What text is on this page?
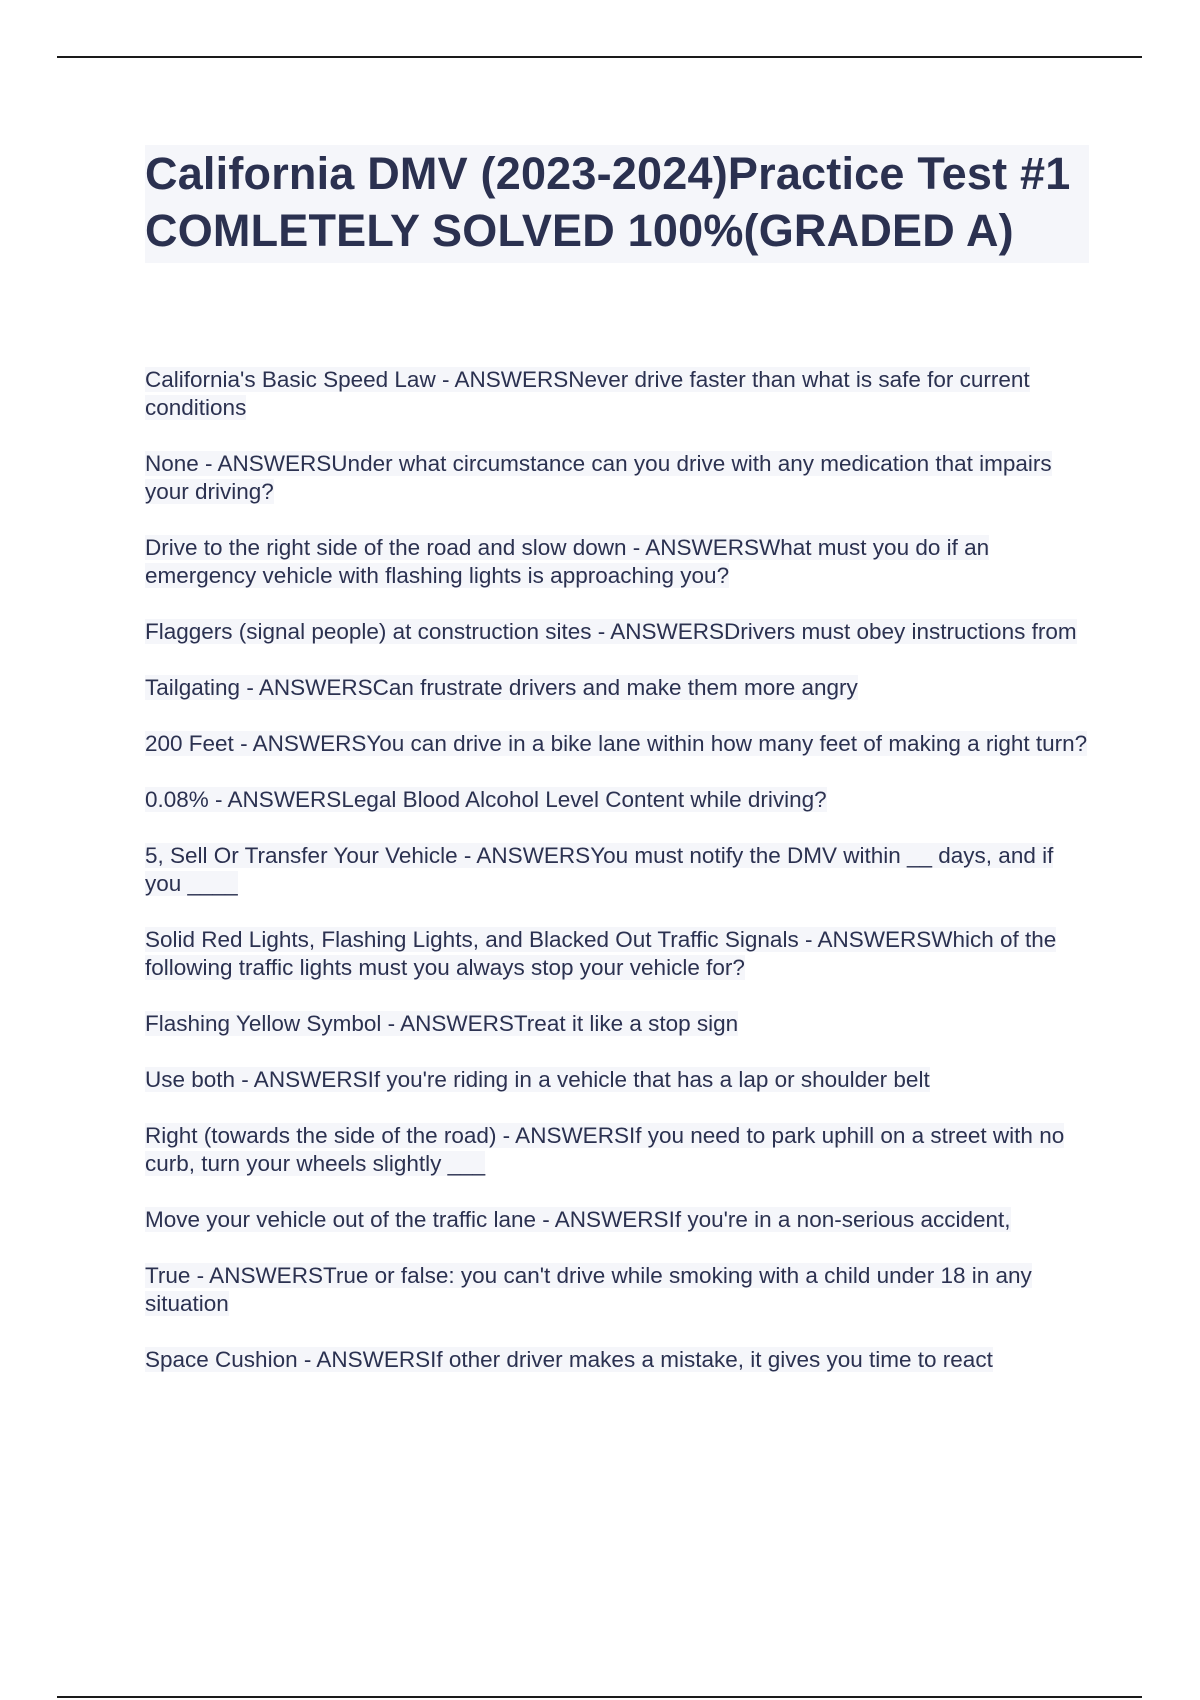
California DMV (2023-2024)Practice Test #1 COMLETELY SOLVED 100%(GRADED A)

California's Basic Speed Law - ANSWERSNever drive faster than what is safe for current conditions

None - ANSWERSUnder what circumstance can you drive with any medication that impairs your driving?

Drive to the right side of the road and slow down - ANSWERSWhat must you do if an emergency vehicle with flashing lights is approaching you?

Flaggers (signal people) at construction sites - ANSWERSDrivers must obey instructions from

Tailgating - ANSWERSCan frustrate drivers and make them more angry

200 Feet - ANSWERSYou can drive in a bike lane within how many feet of making a right turn?

0.08% - ANSWERSLegal Blood Alcohol Level Content while driving?

5, Sell Or Transfer Your Vehicle - ANSWERSYou must notify the DMV within __ days, and if you ____

Solid Red Lights, Flashing Lights, and Blacked Out Traffic Signals - ANSWERSWhich of the following traffic lights must you always stop your vehicle for?

Flashing Yellow Symbol - ANSWERSTreat it like a stop sign

Use both - ANSWERSIf you're riding in a vehicle that has a lap or shoulder belt

Right (towards the side of the road) - ANSWERSIf you need to park uphill on a street with no curb, turn your wheels slightly ___

Move your vehicle out of the traffic lane - ANSWERSIf you're in a non-serious accident,

True - ANSWERSTrue or false: you can't drive while smoking with a child under 18 in any situation

Space Cushion - ANSWERSIf other driver makes a mistake, it gives you time to react
